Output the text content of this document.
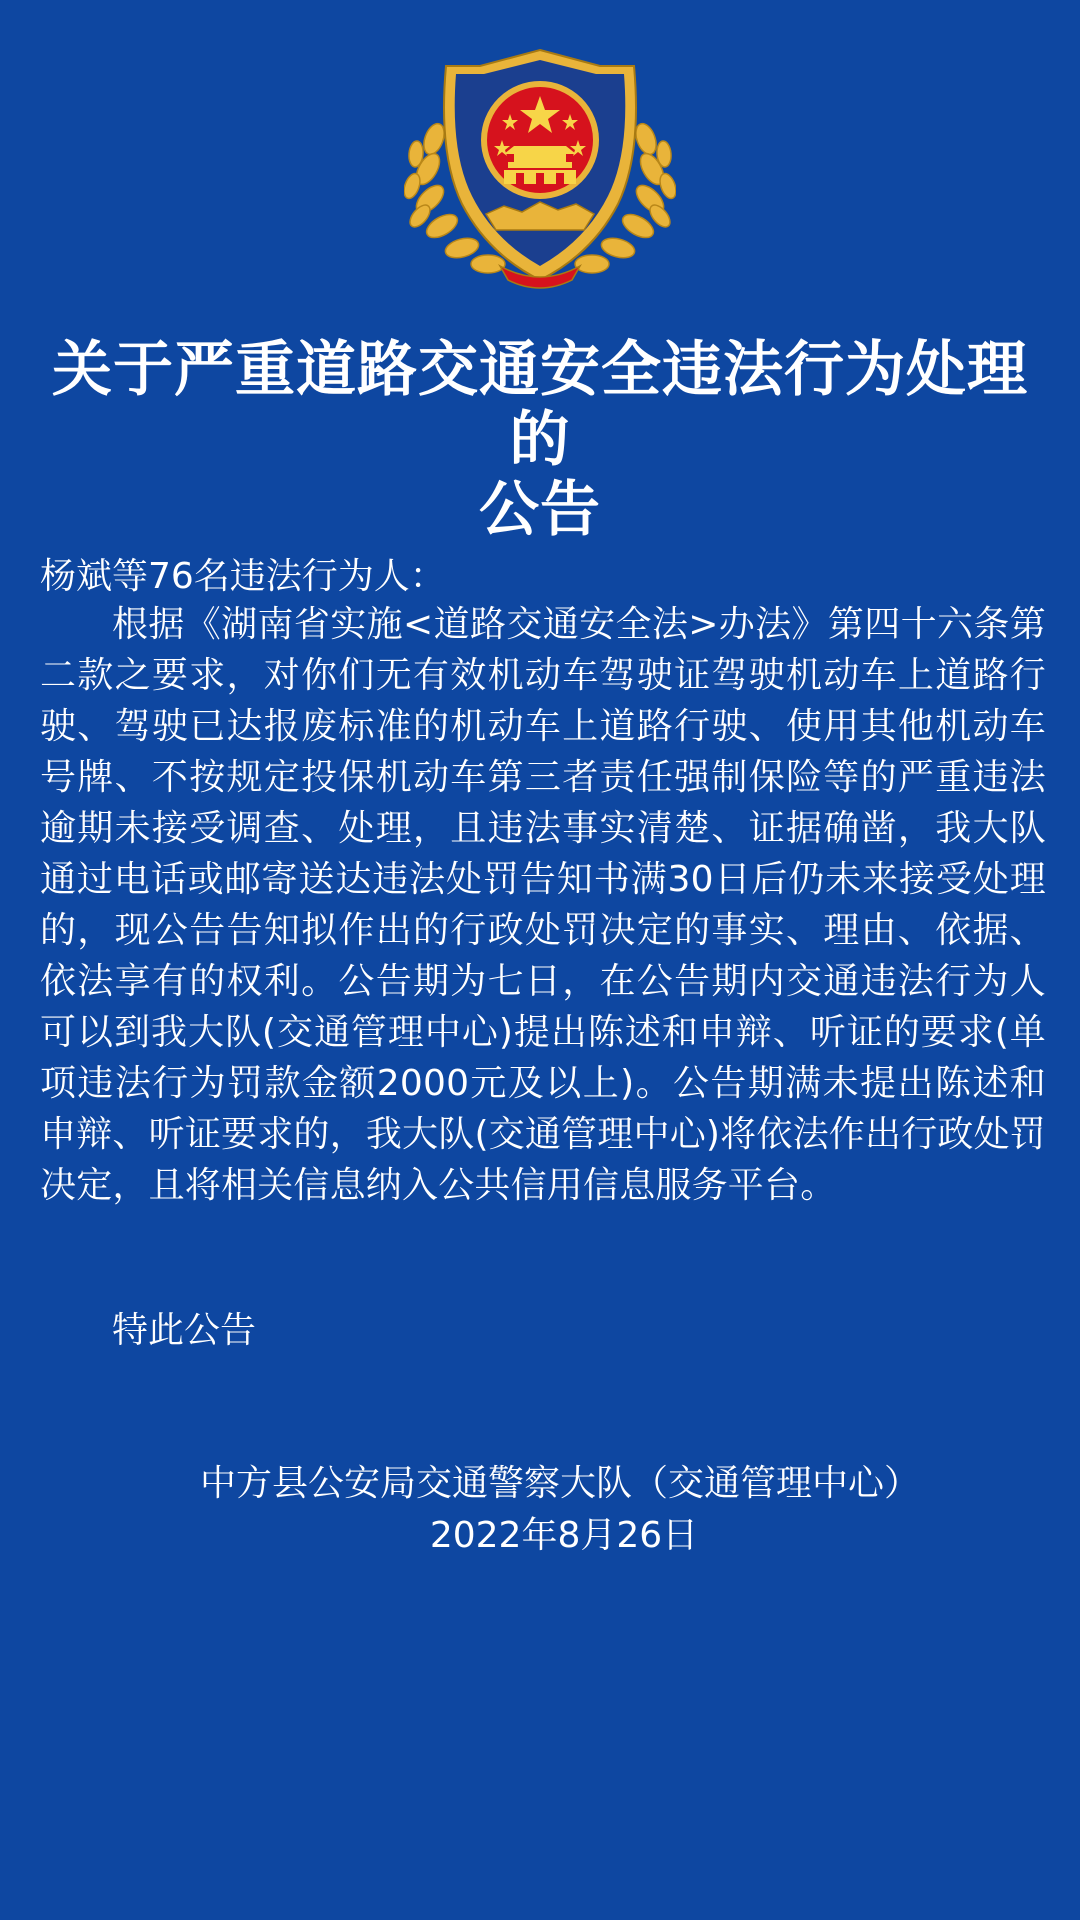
关于严重道路交通安全违法行为处理的
公告

杨斌等76名违法行为人：

根据《湖南省实施<道路交通安全法>办法》第四十六条第二款之要求，对你们无有效机动车驾驶证驾驶机动车上道路行驶、驾驶已达报废标准的机动车上道路行驶、使用其他机动车号牌、不按规定投保机动车第三者责任强制保险等的严重违法逾期未接受调查、处理，且违法事实清楚、证据确凿，我大队通过电话或邮寄送达违法处罚告知书满30日后仍未来接受处理的，现公告告知拟作出的行政处罚决定的事实、理由、依据、依法享有的权利。公告期为七日，在公告期内交通违法行为人可以到我大队(交通管理中心)提出陈述和申辩、听证的要求(单项违法行为罚款金额2000元及以上)。公告期满未提出陈述和申辩、听证要求的，我大队(交通管理中心)将依法作出行政处罚决定，且将相关信息纳入公共信用信息服务平台。

特此公告

中方县公安局交通警察大队（交通管理中心）
2022年8月26日
